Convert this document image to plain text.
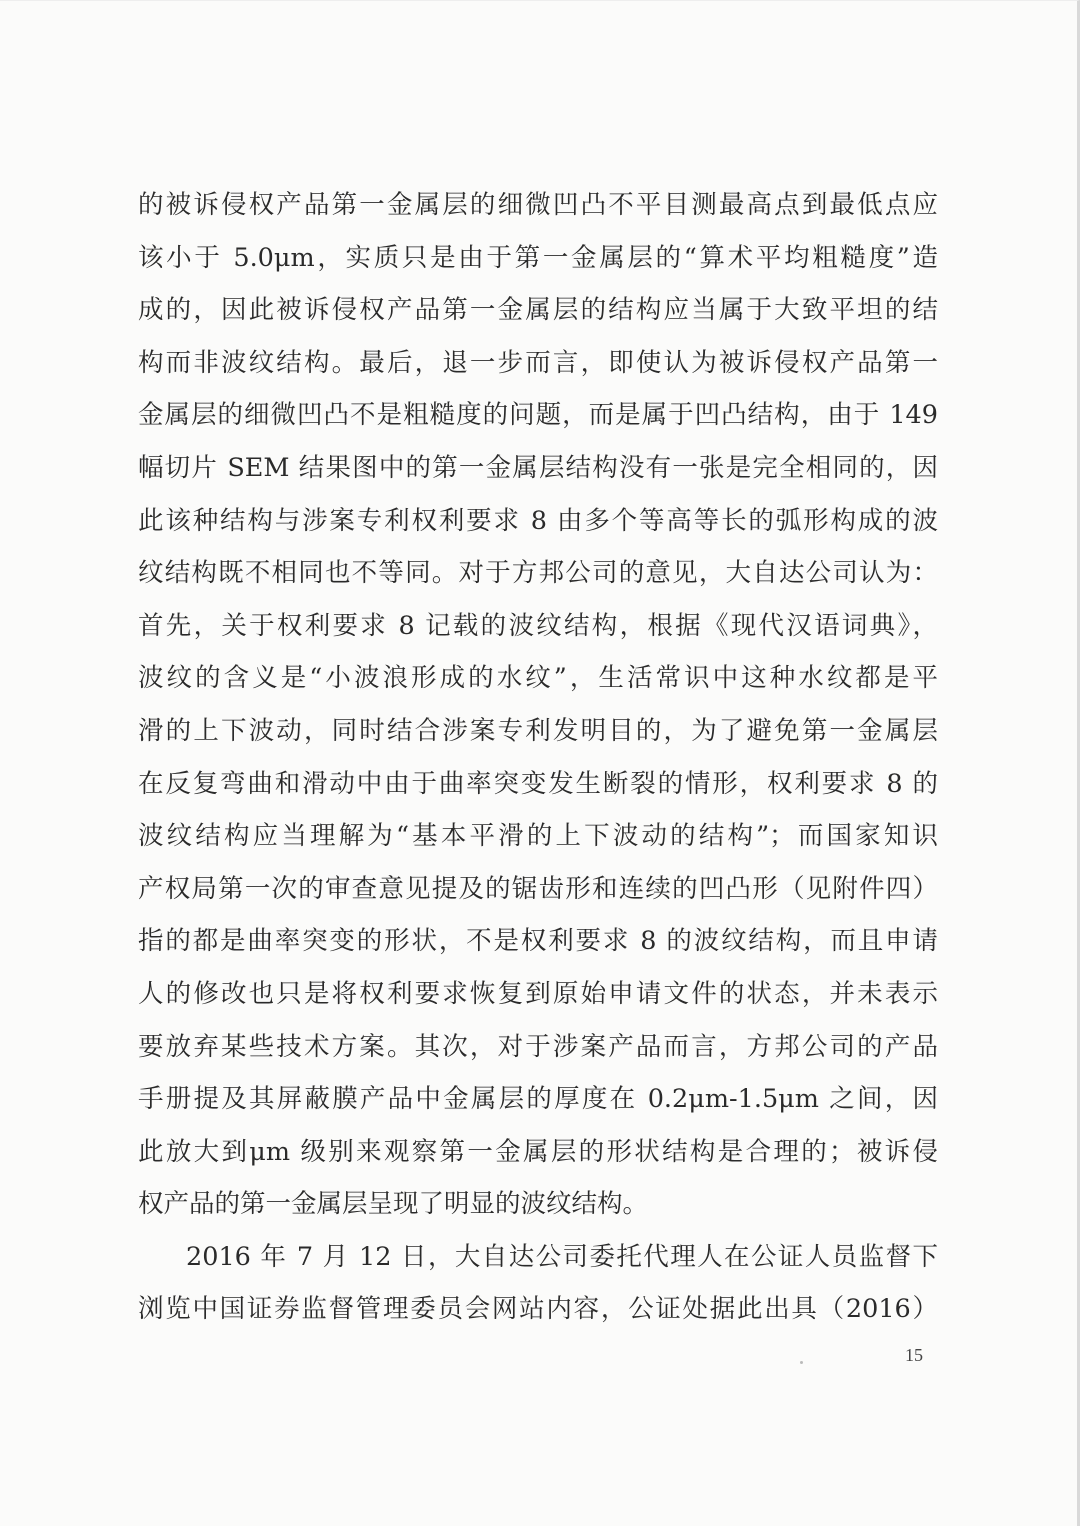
的被诉侵权产品第一金属层的细微凹凸不平目测最高点到最低点应
该小于 5.0μm，实质只是由于第一金属层的“算术平均粗糙度”造
成的，因此被诉侵权产品第一金属层的结构应当属于大致平坦的结
构而非波纹结构。最后，退一步而言，即使认为被诉侵权产品第一
金属层的细微凹凸不是粗糙度的问题，而是属于凹凸结构，由于 149
幅切片 SEM 结果图中的第一金属层结构没有一张是完全相同的，因
此该种结构与涉案专利权利要求 8 由多个等高等长的弧形构成的波
纹结构既不相同也不等同。对于方邦公司的意见，大自达公司认为：
首先，关于权利要求 8 记载的波纹结构，根据《现代汉语词典》，
波纹的含义是“小波浪形成的水纹”，生活常识中这种水纹都是平
滑的上下波动，同时结合涉案专利发明目的，为了避免第一金属层
在反复弯曲和滑动中由于曲率突变发生断裂的情形，权利要求 8 的
波纹结构应当理解为“基本平滑的上下波动的结构”；而国家知识
产权局第一次的审查意见提及的锯齿形和连续的凹凸形（见附件四）
指的都是曲率突变的形状，不是权利要求 8 的波纹结构，而且申请
人的修改也只是将权利要求恢复到原始申请文件的状态，并未表示
要放弃某些技术方案。其次，对于涉案产品而言，方邦公司的产品
手册提及其屏蔽膜产品中金属层的厚度在 0.2μm-1.5μm 之间，因
此放大到μm 级别来观察第一金属层的形状结构是合理的；被诉侵
权产品的第一金属层呈现了明显的波纹结构。
2016 年 7 月 12 日，大自达公司委托代理人在公证人员监督下
浏览中国证券监督管理委员会网站内容，公证处据此出具（2016）
15
